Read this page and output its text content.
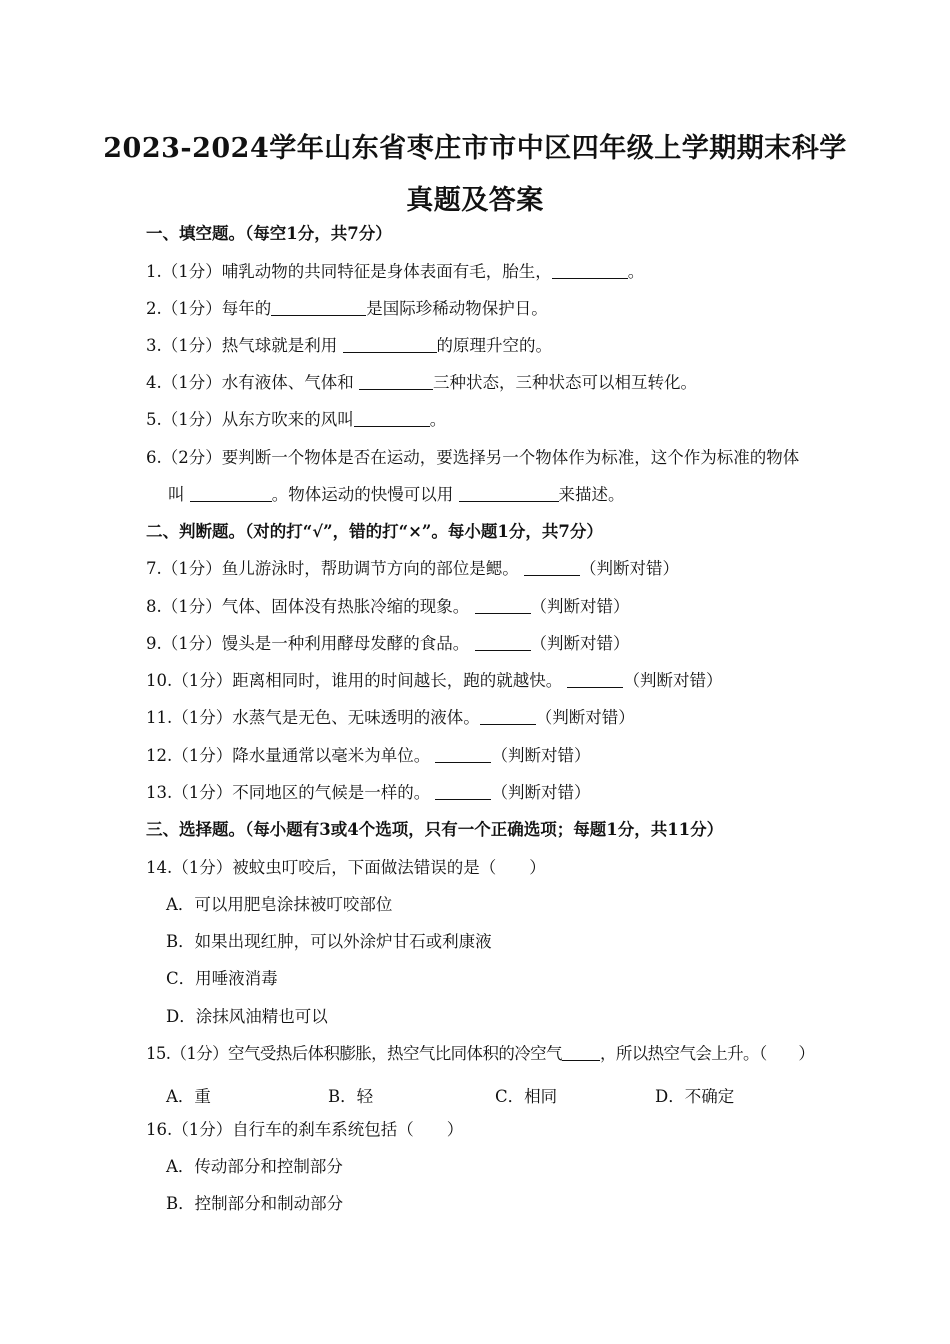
2023-2024学年山东省枣庄市市中区四年级上学期期末科学
真题及答案
一、填空题。（每空1分，共7分）
1.（1分）哺乳动物的共同特征是身体表面有毛，胎生，	。
2.（1分）每年的	是国际珍稀动物保护日。
3.（1分）热气球就是利用	的原理升空的。
4.（1分）水有液体、气体和	三种状态，三种状态可以相互转化。
5.（1分）从东方吹来的风叫	。
6.（2分）要判断一个物体是否在运动，要选择另一个物体作为标准，这个作为标准的物体
叫	。物体运动的快慢可以用	来描述。
二、判断题。（对的打“√”，错的打“×”。每小题1分，共7分）
7.（1分）鱼儿游泳时，帮助调节方向的部位是鳃。	（判断对错）
8.（1分）气体、固体没有热胀冷缩的现象。	（判断对错）
9.（1分）馒头是一种利用酵母发酵的食品。	（判断对错）
10.（1分）距离相同时，谁用的时间越长，跑的就越快。	（判断对错）
11.（1分）水蒸气是无色、无味透明的液体。	（判断对错）
12.（1分）降水量通常以毫米为单位。	（判断对错）
13.（1分）不同地区的气候是一样的。	（判断对错）
三、选择题。（每小题有3或4个选项，只有一个正确选项；每题1分，共11分）
14.（1分）被蚊虫叮咬后，下面做法错误的是（　　）
A．可以用肥皂涂抹被叮咬部位
B．如果出现红肿，可以外涂炉甘石或利康液
C．用唾液消毒
D．涂抹风油精也可以
15.（1分）空气受热后体积膨胀，热空气比同体积的冷空气 ，所以热空气会上升。（　　）
A．重	B．轻	C．相同	D．不确定
16.（1分）自行车的刹车系统包括（　　）
A．传动部分和控制部分
B．控制部分和制动部分
